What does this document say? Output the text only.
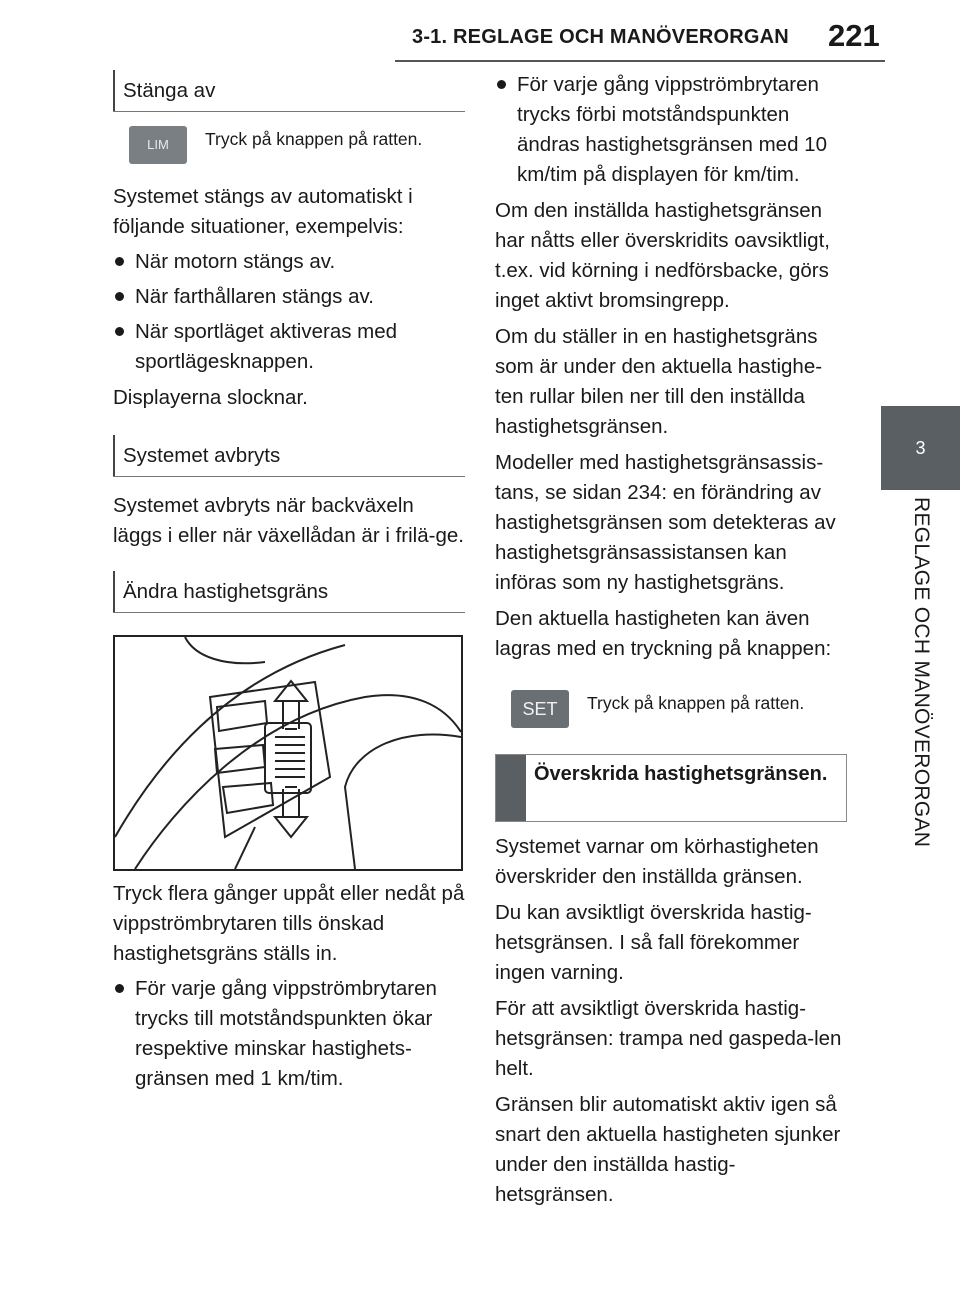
3-1. REGLAGE OCH MANÖVERORGAN 221
3
REGLAGE OCH MANÖVERORGAN
Stänga av
LIM	Tryck på knappen på ratten.

Systemet stängs av automatiskt i följande situationer, exempelvis:

När motorn stängs av.
När farthållaren stängs av.
När sportläget aktiveras med sportlägesknappen.

Displayerna slocknar.

Systemet avbryts

Systemet avbryts när backväxeln läggs i eller när växellådan är i frilä-ge.

Ändra hastighetsgräns

Tryck flera gånger uppåt eller nedåt på vippströmbrytaren tills önskad hastighetsgräns ställs in.

För varje gång vippströmbrytaren trycks till motståndspunkten ökar respektive minskar hastighets-gränsen med 1 km/tim.
För varje gång vippströmbrytaren trycks förbi motståndspunkten ändras hastighetsgränsen med 10 km/tim på displayen för km/tim.

Om den inställda hastighetsgränsen har nåtts eller överskridits oavsiktligt, t.ex. vid körning i nedförsbacke, görs inget aktivt bromsingrepp.

Om du ställer in en hastighetsgräns som är under den aktuella hastighe-ten rullar bilen ner till den inställda hastighetsgränsen.

Modeller med hastighetsgränsassis-tans, se sidan 234: en förändring av hastighetsgränsen som detekteras av hastighetsgränsassistansen kan införas som ny hastighetsgräns.

Den aktuella hastigheten kan även lagras med en tryckning på knappen:

SET	Tryck på knappen på ratten.
Överskrida hastighetsgränsen.

Systemet varnar om körhastigheten överskrider den inställda gränsen.

Du kan avsiktligt överskrida hastig-hetsgränsen. I så fall förekommer ingen varning.

För att avsiktligt överskrida hastig-hetsgränsen: trampa ned gaspeda-len helt.

Gränsen blir automatiskt aktiv igen så snart den aktuella hastigheten sjunker under den inställda hastig-hetsgränsen.
